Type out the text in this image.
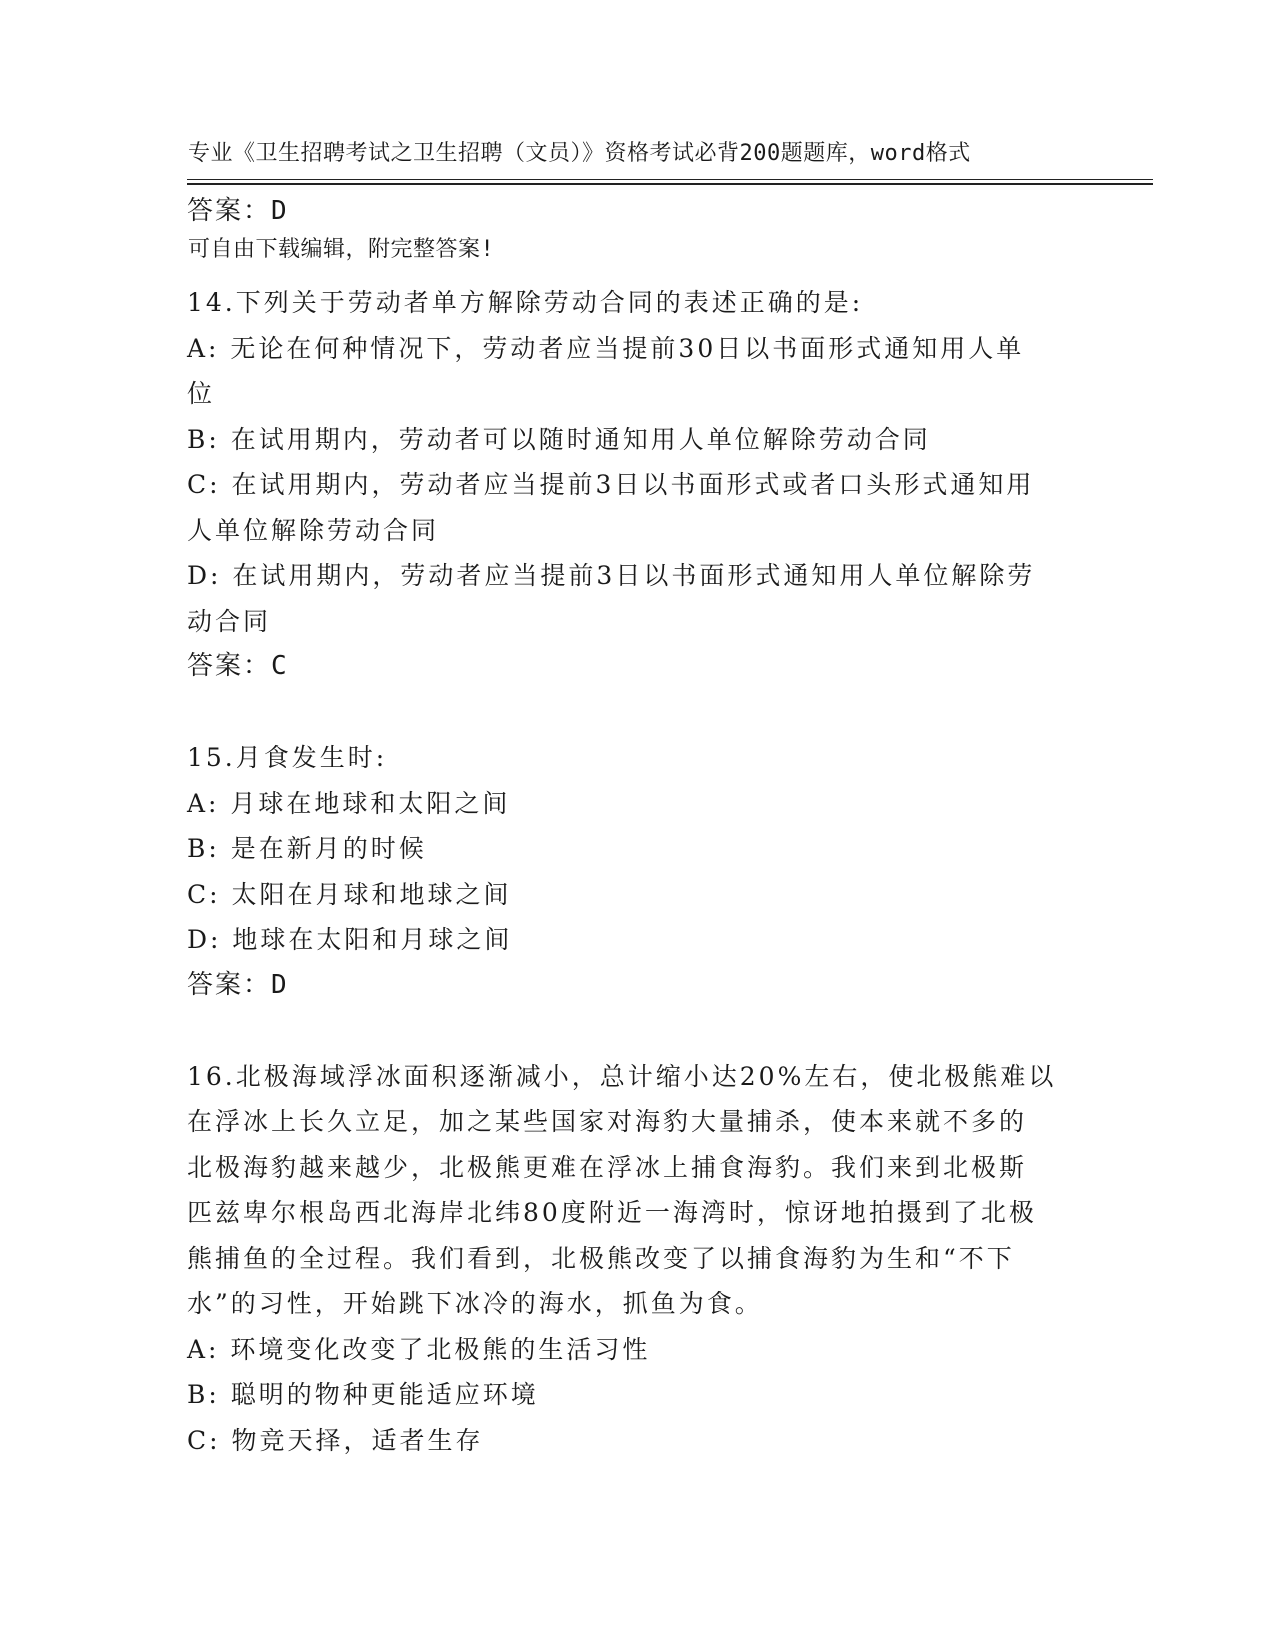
专业《卫生招聘考试之卫生招聘（文员）》资格考试必背200题题库，word格式

可自由下载编辑，附完整答案!

答案：D
14.下列关于劳动者单方解除劳动合同的表述正确的是:
A: 无论在何种情况下，劳动者应当提前30日以书面形式通知用人单
位
B: 在试用期内，劳动者可以随时通知用人单位解除劳动合同
C: 在试用期内，劳动者应当提前3日以书面形式或者口头形式通知用
人单位解除劳动合同
D: 在试用期内，劳动者应当提前3日以书面形式通知用人单位解除劳
动合同
答案：C
15.月食发生时:
A: 月球在地球和太阳之间
B: 是在新月的时候
C: 太阳在月球和地球之间
D: 地球在太阳和月球之间
答案：D
16.北极海域浮冰面积逐渐减小，总计缩小达20%左右，使北极熊难以
在浮冰上长久立足，加之某些国家对海豹大量捕杀，使本来就不多的
北极海豹越来越少，北极熊更难在浮冰上捕食海豹。我们来到北极斯
匹兹卑尔根岛西北海岸北纬80度附近一海湾时，惊讶地拍摄到了北极
熊捕鱼的全过程。我们看到，北极熊改变了以捕食海豹为生和“不下
水”的习性，开始跳下冰冷的海水，抓鱼为食。
A: 环境变化改变了北极熊的生活习性
B: 聪明的物种更能适应环境
C: 物竞天择，适者生存
